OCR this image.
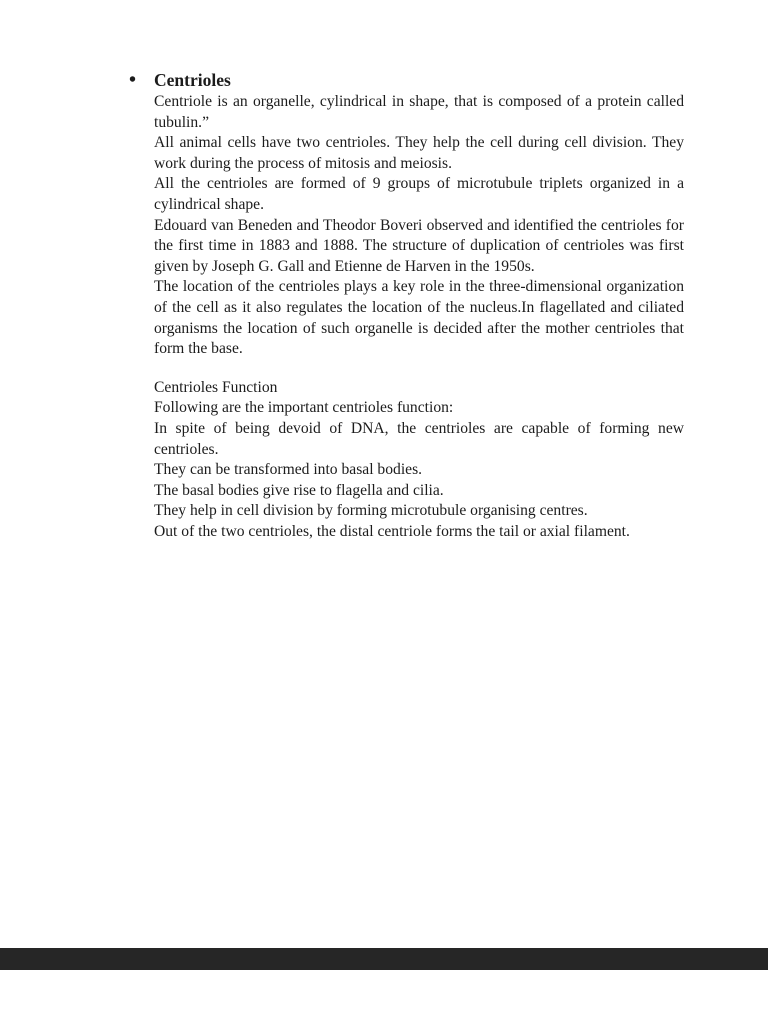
• Centrioles

Centriole is an organelle, cylindrical in shape, that is composed of a protein called tubulin.”

All animal cells have two centrioles. They help the cell during cell division. They work during the process of mitosis and meiosis.

All the centrioles are formed of 9 groups of microtubule triplets organized in a cylindrical shape.

Edouard van Beneden and Theodor Boveri observed and identified the centrioles for the first time in 1883 and 1888. The structure of duplication of centrioles was first given by Joseph G. Gall and Etienne de Harven in the 1950s.

The location of the centrioles plays a key role in the three-dimensional organization of the cell as it also regulates the location of the nucleus.In flagellated and ciliated organisms the location of such organelle is decided after the mother centrioles that form the base.

Centrioles Function

Following are the important centrioles function:

In spite of being devoid of DNA, the centrioles are capable of forming new centrioles.

They can be transformed into basal bodies.

The basal bodies give rise to flagella and cilia.

They help in cell division by forming microtubule organising centres.

Out of the two centrioles, the distal centriole forms the tail or axial filament.
